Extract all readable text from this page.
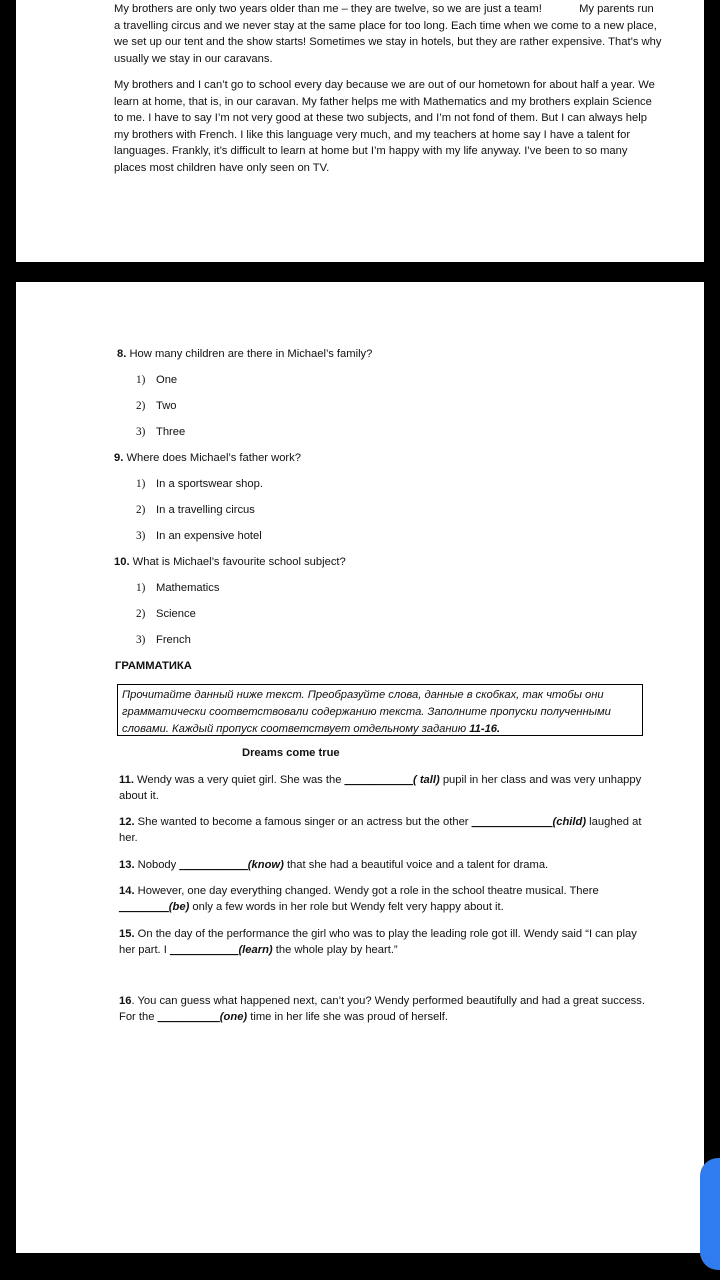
My brothers are only two years older than me – they are twelve, so we are just a team!            My parents run a travelling circus and we never stay at the same place for too long. Each time when we come to a new place, we set up our tent and the show starts! Sometimes we stay in hotels, but they are rather expensive. That’s why usually we stay in our caravans.

My brothers and I can’t go to school every day because we are out of our hometown for about half a year. We learn at home, that is, in our caravan. My father helps me with Mathematics and my brothers explain Science to me. I have to say I’m not very good at these two subjects, and I’m not fond of them. But I can always help my brothers with French. I like this language very much, and my teachers at home say I have a talent for languages. Frankly, it’s difficult to learn at home but I’m happy with my life anyway. I’ve been to so many places most children have only seen on TV.

8. How many children are there in Michael’s family?
1) One
2) Two
3) Three
9. Where does Michael’s father work?
1) In a sportswear shop.
2) In a travelling circus
3) In an expensive hotel
10. What is Michael’s favourite school subject?
1) Mathematics
2) Science
3) French
ГРАММАТИКА
Прочитайте данный ниже текст. Преобразуйте слова, данные в скобках, так чтобы они грамматически соответствовали содержанию текста. Заполните пропуски полученными словами. Каждый пропуск соответствует отдельному заданию 11-16.
Dreams come true

11. Wendy was a very quiet girl. She was the ___________( tall) pupil in her class and was very unhappy about it.

12. She wanted to become a famous singer or an actress but the other _____________(child) laughed at her.

13. Nobody ___________(know) that she had a beautiful voice and a talent for drama.

14. However, one day everything changed. Wendy got a role in the school theatre musical. There ________(be) only a few words in her role but Wendy felt very happy about it.

15. On the day of the performance the girl who was to play the leading role got ill. Wendy said “I can play her part. I ___________(learn) the whole play by heart.”

16. You can guess what happened next, can’t you? Wendy performed beautifully and had a great success. For the __________(one) time in her life she was proud of herself.
